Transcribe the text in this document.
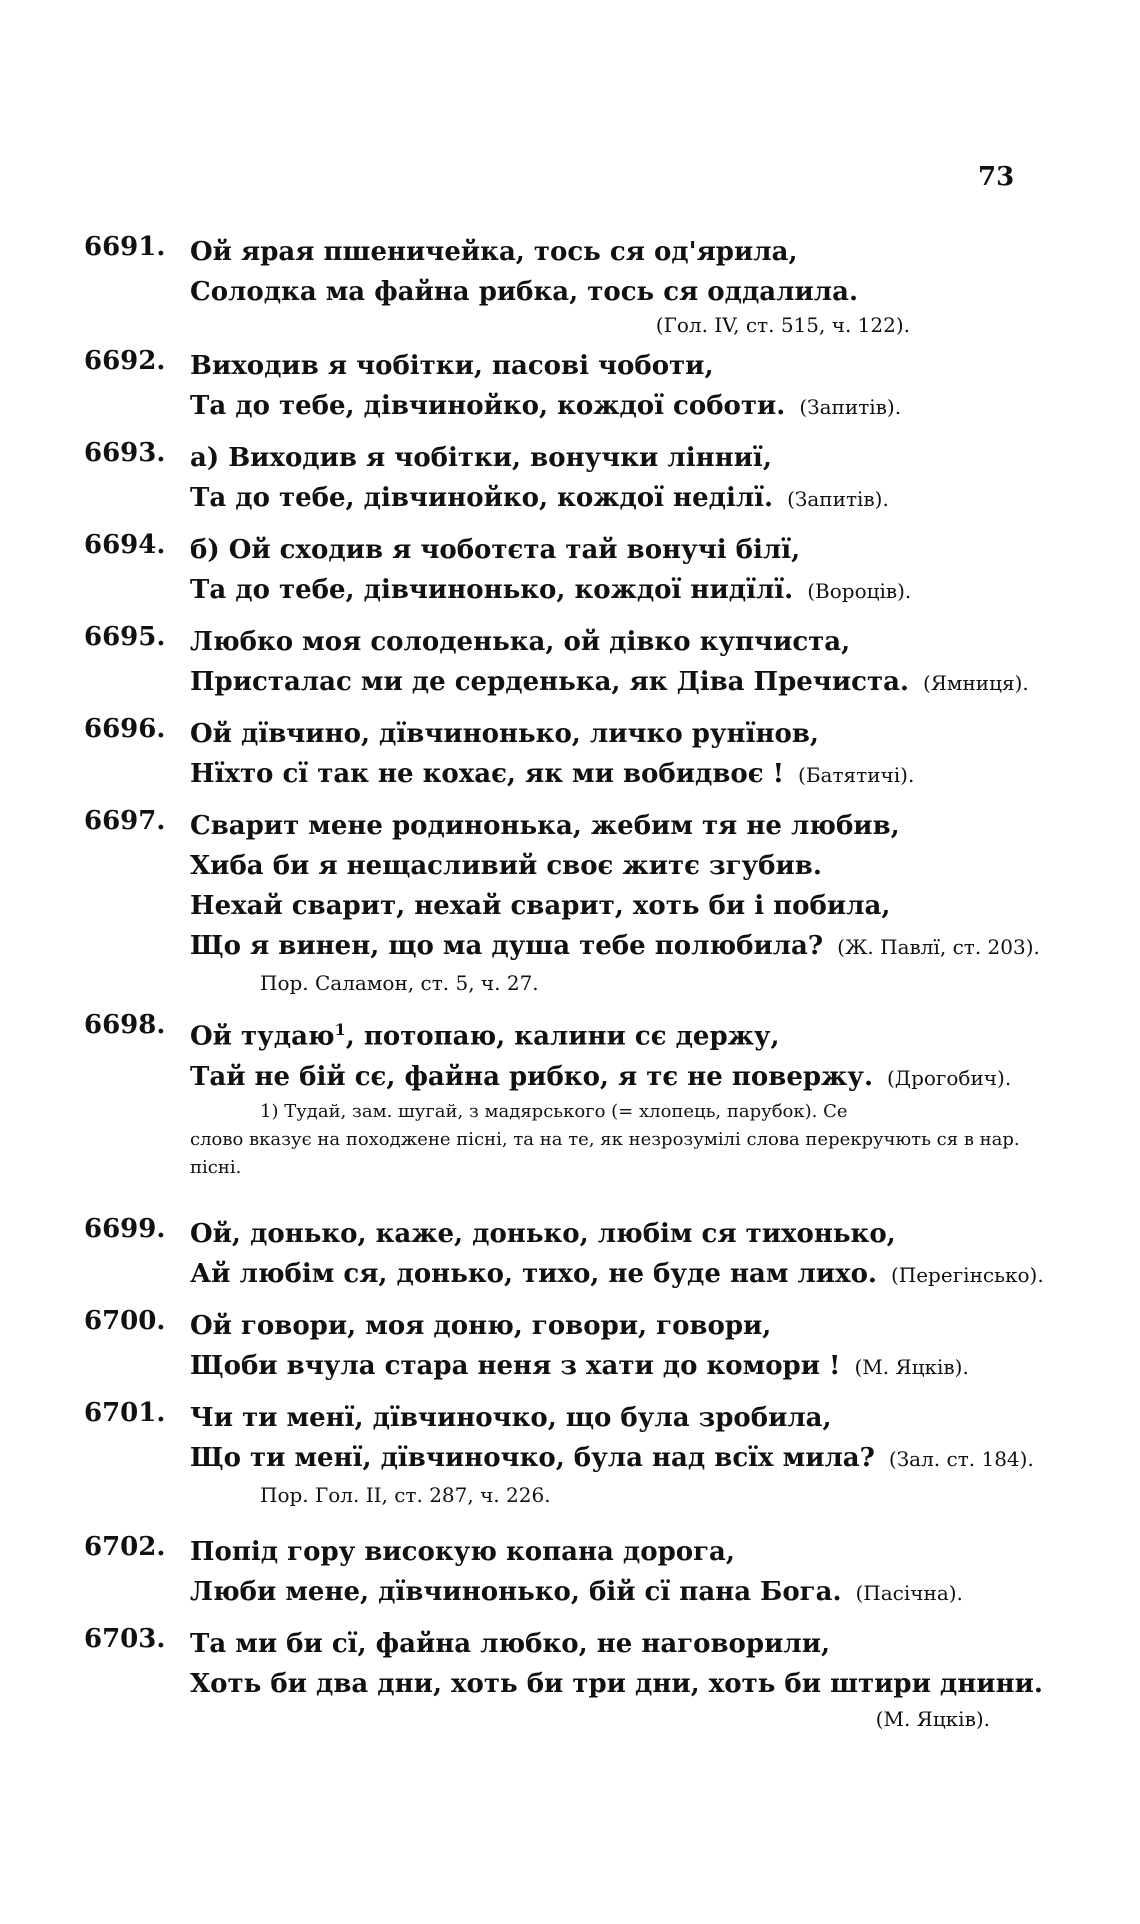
73
6691. Ой ярая пшеничейка, тось ся од'ярила,
Солодка ма файна рибка, тось ся оддалила.
(Гол. IV, ст. 515, ч. 122).
6692. Виходив я чобітки, пасові чоботи,
Та до тебе, дівчинойко, кождої соботи. (Запитів).
6693. а) Виходив я чобітки, вонучки лінниї,
Та до тебе, дівчинойко, кождої неділї. (Запитів).
6694. б) Ой сходив я чоботєта тай вонучі білї,
Та до тебе, дівчинонько, кождої нидїлї. (Вороців).
6695. Любко моя солоденька, ой дівко купчиста,
Присталас ми де серденька, як Діва Пречиста. (Ямниця).
6696. Ой дївчино, дївчинонько, личко рунїнов,
Нїхто сї так не кохає, як ми вобидвоє ! (Батятичі).
6697. Сварит мене родинонька, жебим тя не любив,
Хиба би я нещасливий своє житє згубив.
Нехай сварит, нехай сварит, хоть би і побила,
Що я винен, що ма душа тебе полюбила? (Ж. Павлї, ст. 203).
Пор. Саламон, ст. 5, ч. 27.
6698. Ой тудаю$^1$, потопаю, калини сє держу,
Тай не бій сє, файна рибко, я тє не повержу. (Дрогобич).
1) Тудай, зам. шугай, з мадярського (= хлопець, парубок). Се
слово вказує на походжене пісні, та на те, як незрозумілі слова перекручють ся в нар. пісні.
6699. Ой, донько, каже, донько, любім ся тихонько,
Ай любім ся, донько, тихо, не буде нам лихо. (Перегінсько).
6700. Ой говори, моя доню, говори, говори,
Щоби вчула стара неня з хати до комори ! (М. Яцків).
6701. Чи ти менї, дївчиночко, що була зробила,
Що ти менї, дївчиночко, була над всїх мила? (Зал. ст. 184).
Пор. Гол. II, ст. 287, ч. 226.
6702. Попід гору високую копана дорога,
Люби мене, дївчинонько, бій сї пана Бога. (Пасічна).
6703. Та ми би сї, файна любко, не наговорили,
Хоть би два дни, хоть би три дни, хоть би штири днини.
(М. Яцків).
